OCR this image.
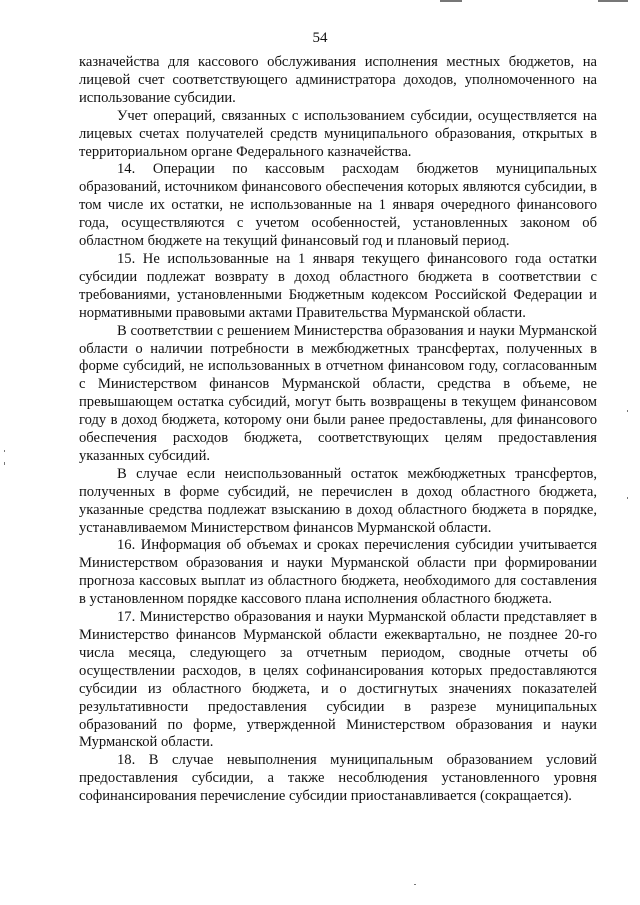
54

казначейства для кассового обслуживания исполнения местных бюджетов, на лицевой счет соответствующего администратора доходов, уполномоченного на использование субсидии.

Учет операций, связанных с использованием субсидии, осуществляется на лицевых счетах получателей средств муниципального образования, открытых в территориальном органе Федерального казначейства.

14. Операции по кассовым расходам бюджетов муниципальных образований, источником финансового обеспечения которых являются субсидии, в том числе их остатки, не использованные на 1 января очередного финансового года, осуществляются с учетом особенностей, установленных законом об областном бюджете на текущий финансовый год и плановый период.

15. Не использованные на 1 января текущего финансового года остатки субсидии подлежат возврату в доход областного бюджета в соответствии с требованиями, установленными Бюджетным кодексом Российской Федерации и нормативными правовыми актами Правительства Мурманской области.

В соответствии с решением Министерства образования и науки Мурманской области о наличии потребности в межбюджетных трансфертах, полученных в форме субсидий, не использованных в отчетном финансовом году, согласованным с Министерством финансов Мурманской области, средства в объеме, не превышающем остатка субсидий, могут быть возвращены в текущем финансовом году в доход бюджета, которому они были ранее предоставлены, для финансового обеспечения расходов бюджета, соответствующих целям предоставления указанных субсидий.

В случае если неиспользованный остаток межбюджетных трансфертов, полученных в форме субсидий, не перечислен в доход областного бюджета, указанные средства подлежат взысканию в доход областного бюджета в порядке, устанавливаемом Министерством финансов Мурманской области.

16. Информация об объемах и сроках перечисления субсидии учитывается Министерством образования и науки Мурманской области при формировании прогноза кассовых выплат из областного бюджета, необходимого для составления в установленном порядке кассового плана исполнения областного бюджета.

17. Министерство образования и науки Мурманской области представляет в Министерство финансов Мурманской области ежеквартально, не позднее 20-го числа месяца, следующего за отчетным периодом, сводные отчеты об осуществлении расходов, в целях софинансирования которых предоставляются субсидии из областного бюджета, и о достигнутых значениях показателей результативности предоставления субсидии в разрезе муниципальных образований по форме, утвержденной Министерством образования и науки Мурманской области.

18. В случае невыполнения муниципальным образованием условий предоставления субсидии, а также несоблюдения установленного уровня софинансирования перечисление субсидии приостанавливается (сокращается).
